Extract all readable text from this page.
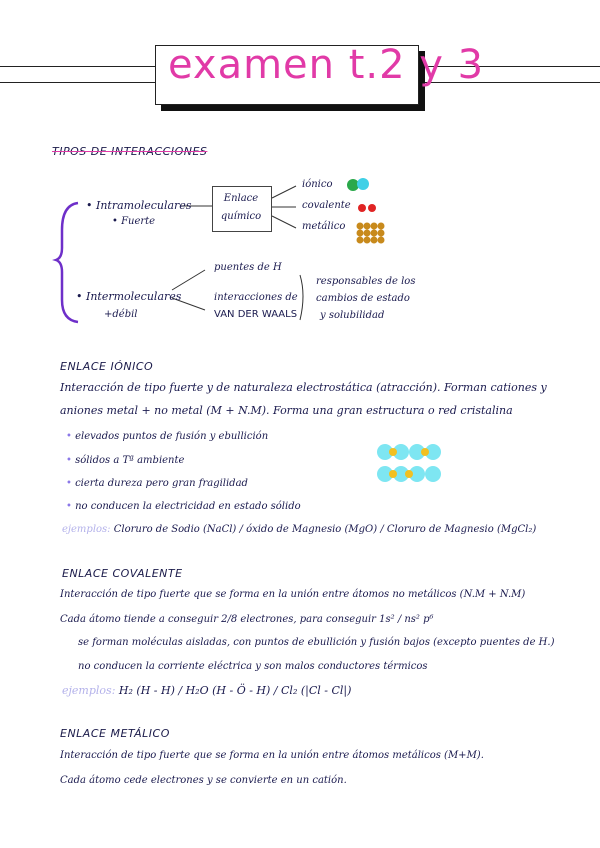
examen t.2 y 3
TIPOS DE INTERACCIONES
• Intramoleculares
• Fuerte
Enlace químico
iónico
covalente
metálico
• Intermoleculares
+débil
puentes de H
interacciones de
VAN DER WAALS
responsables de los
cambios de estado
y solubilidad
ENLACE IÓNICO
Interacción de tipo fuerte y de naturaleza electrostática (atracción). Forman cationes y
aniones metal + no metal (M + N.M). Forma una gran estructura o red cristalina
• elevados puntos de fusión y ebullición
• sólidos a Tª ambiente
• cierta dureza pero gran fragilidad
• no conducen la electricidad en estado sólido
ejemplos: Cloruro de Sodio (NaCl) / óxido de Magnesio (MgO) / Cloruro de Magnesio (MgCl₂)
ENLACE COVALENTE
Interacción de tipo fuerte que se forma en la unión entre átomos no metálicos (N.M + N.M)
Cada átomo tiende a conseguir 2/8 electrones, para conseguir 1s² / ns² p⁶
se forman moléculas aisladas, con puntos de ebullición y fusión bajos (excepto puentes de H.)
no conducen la corriente eléctrica y son malos conductores térmicos
ejemplos: H₂ (H - H) / H₂O (H - Ö - H) / Cl₂ (|Cl - Cl|)
ENLACE METÁLICO
Interacción de tipo fuerte que se forma en la unión entre átomos metálicos (M+M).
Cada átomo cede electrones y se convierte en un catión.
